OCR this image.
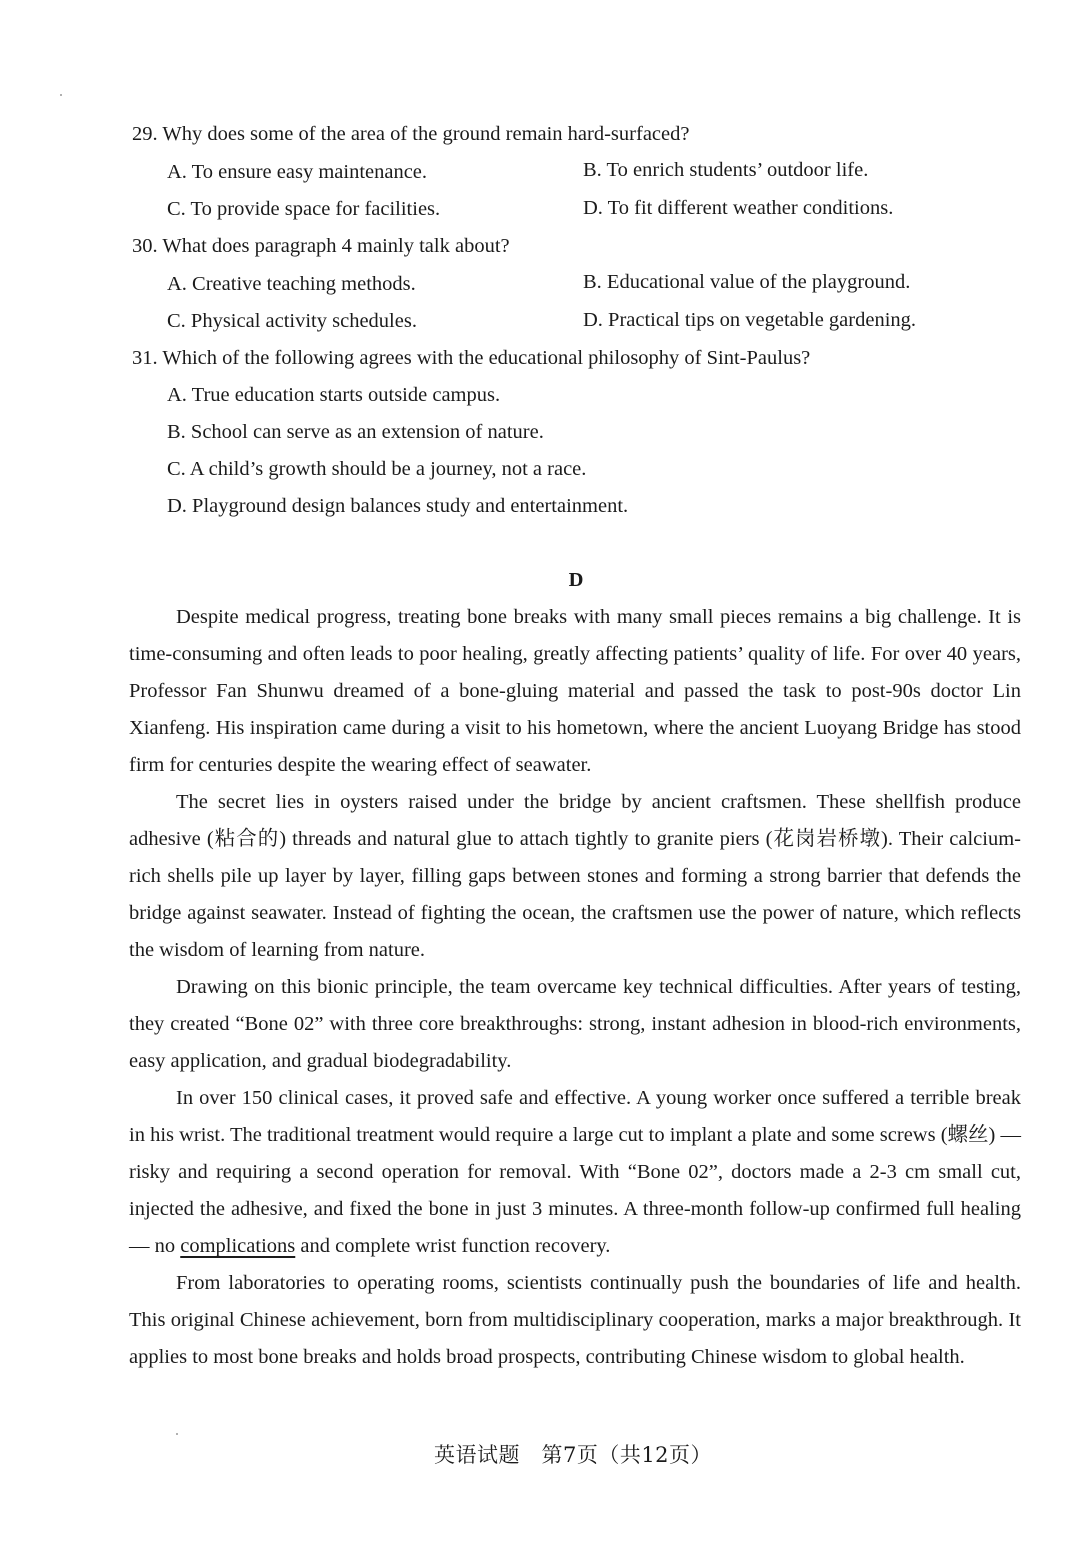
29. Why does some of the area of the ground remain hard-surfaced?
A. To ensure easy maintenance.	B. To enrich students’ outdoor life.
C. To provide space for facilities.	D. To fit different weather conditions.
30. What does paragraph 4 mainly talk about?
A. Creative teaching methods.	B. Educational value of the playground.
C. Physical activity schedules.	D. Practical tips on vegetable gardening.
31. Which of the following agrees with the educational philosophy of Sint-Paulus?
A. True education starts outside campus.
B. School can serve as an extension of nature.
C. A child’s growth should be a journey, not a race.
D. Playground design balances study and entertainment.
D

Despite medical progress, treating bone breaks with many small pieces remains a big challenge. It is time-consuming and often leads to poor healing, greatly affecting patients’ quality of life. For over 40 years, Professor Fan Shunwu dreamed of a bone-gluing material and passed the task to post-90s doctor Lin Xianfeng. His inspiration came during a visit to his hometown, where the ancient Luoyang Bridge has stood firm for centuries despite the wearing effect of seawater.

The secret lies in oysters raised under the bridge by ancient craftsmen. These shellfish produce adhesive (粘合的) threads and natural glue to attach tightly to granite piers (花岗岩桥墩). Their calcium-rich shells pile up layer by layer, filling gaps between stones and forming a strong barrier that defends the bridge against seawater. Instead of fighting the ocean, the craftsmen use the power of nature, which reflects the wisdom of learning from nature.

Drawing on this bionic principle, the team overcame key technical difficulties. After years of testing, they created “Bone 02” with three core breakthroughs: strong, instant adhesion in blood-rich environments, easy application, and gradual biodegradability.

In over 150 clinical cases, it proved safe and effective. A young worker once suffered a terrible break in his wrist. The traditional treatment would require a large cut to implant a plate and some screws (螺丝) — risky and requiring a second operation for removal. With “Bone 02”, doctors made a 2-3 cm small cut, injected the adhesive, and fixed the bone in just 3 minutes. A three-month follow-up confirmed full healing — no complications and complete wrist function recovery.

From laboratories to operating rooms, scientists continually push the boundaries of life and health. This original Chinese achievement, born from multidisciplinary cooperation, marks a major breakthrough. It applies to most bone breaks and holds broad prospects, contributing Chinese wisdom to global health.

英语试题　第7页（共12页）
